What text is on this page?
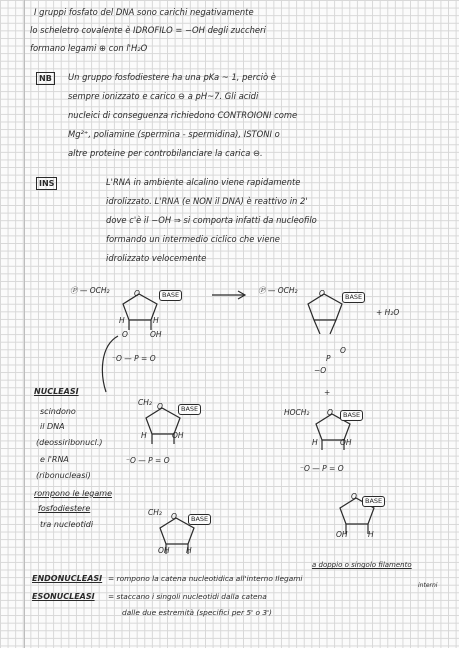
I gruppi fosfato del DNA sono carichi negativamente
lo scheletro covalente è IDROFILO = −OH degli zuccheri
formano legami ⊕ con l'H₂O
NB	Un gruppo fosfodiestere ha una pKa ~ 1, perciò è
sempre ionizzato e carico ⊖ a pH~7. Gli acidi
nucleici di conseguenza richiedono CONTROIONI come
Mg²⁺, poliamine (spermina - spermidina), ISTONI o
altre proteine per controbilanciare la carica ⊖.
INS	L'RNA in ambiente alcalino viene rapidamente
idrolizzato. L'RNA (e NON il DNA) è reattivo in 2'
dove c'è il −OH ⇒ si comporta infatti da nucleofilo
formando un intermedio ciclico che viene
idrolizzato velocemente
Ⓟ — OCH₂	O	BASE
H	H
O	OH
→ Ⓟ — OCH₂	O	BASE
+ H₂O
P
O
−O
⁻O — P = O
CH₂ O	BASE
H	OH
⁻O — P = O
CH₂ O	BASE
OH H
+
HOCH₂ O	BASE
H	OH
⁻O — P = O
O	BASE
OH	H
NUCLEASI
scindono
il DNA
(deossiribonucl.)
e l'RNA
(ribonucleasi)
rompono le legame
fosfodiestere
tra nucleotidi
a doppio o singolo filamento
interni
ENDONUCLEASI = rompono la catena nucleotidica all'interno Ilegami
ESONUCLEASI = staccano i singoli nucleotidi dalla catena
dalle due estremità (specifici per 5' o 3')
